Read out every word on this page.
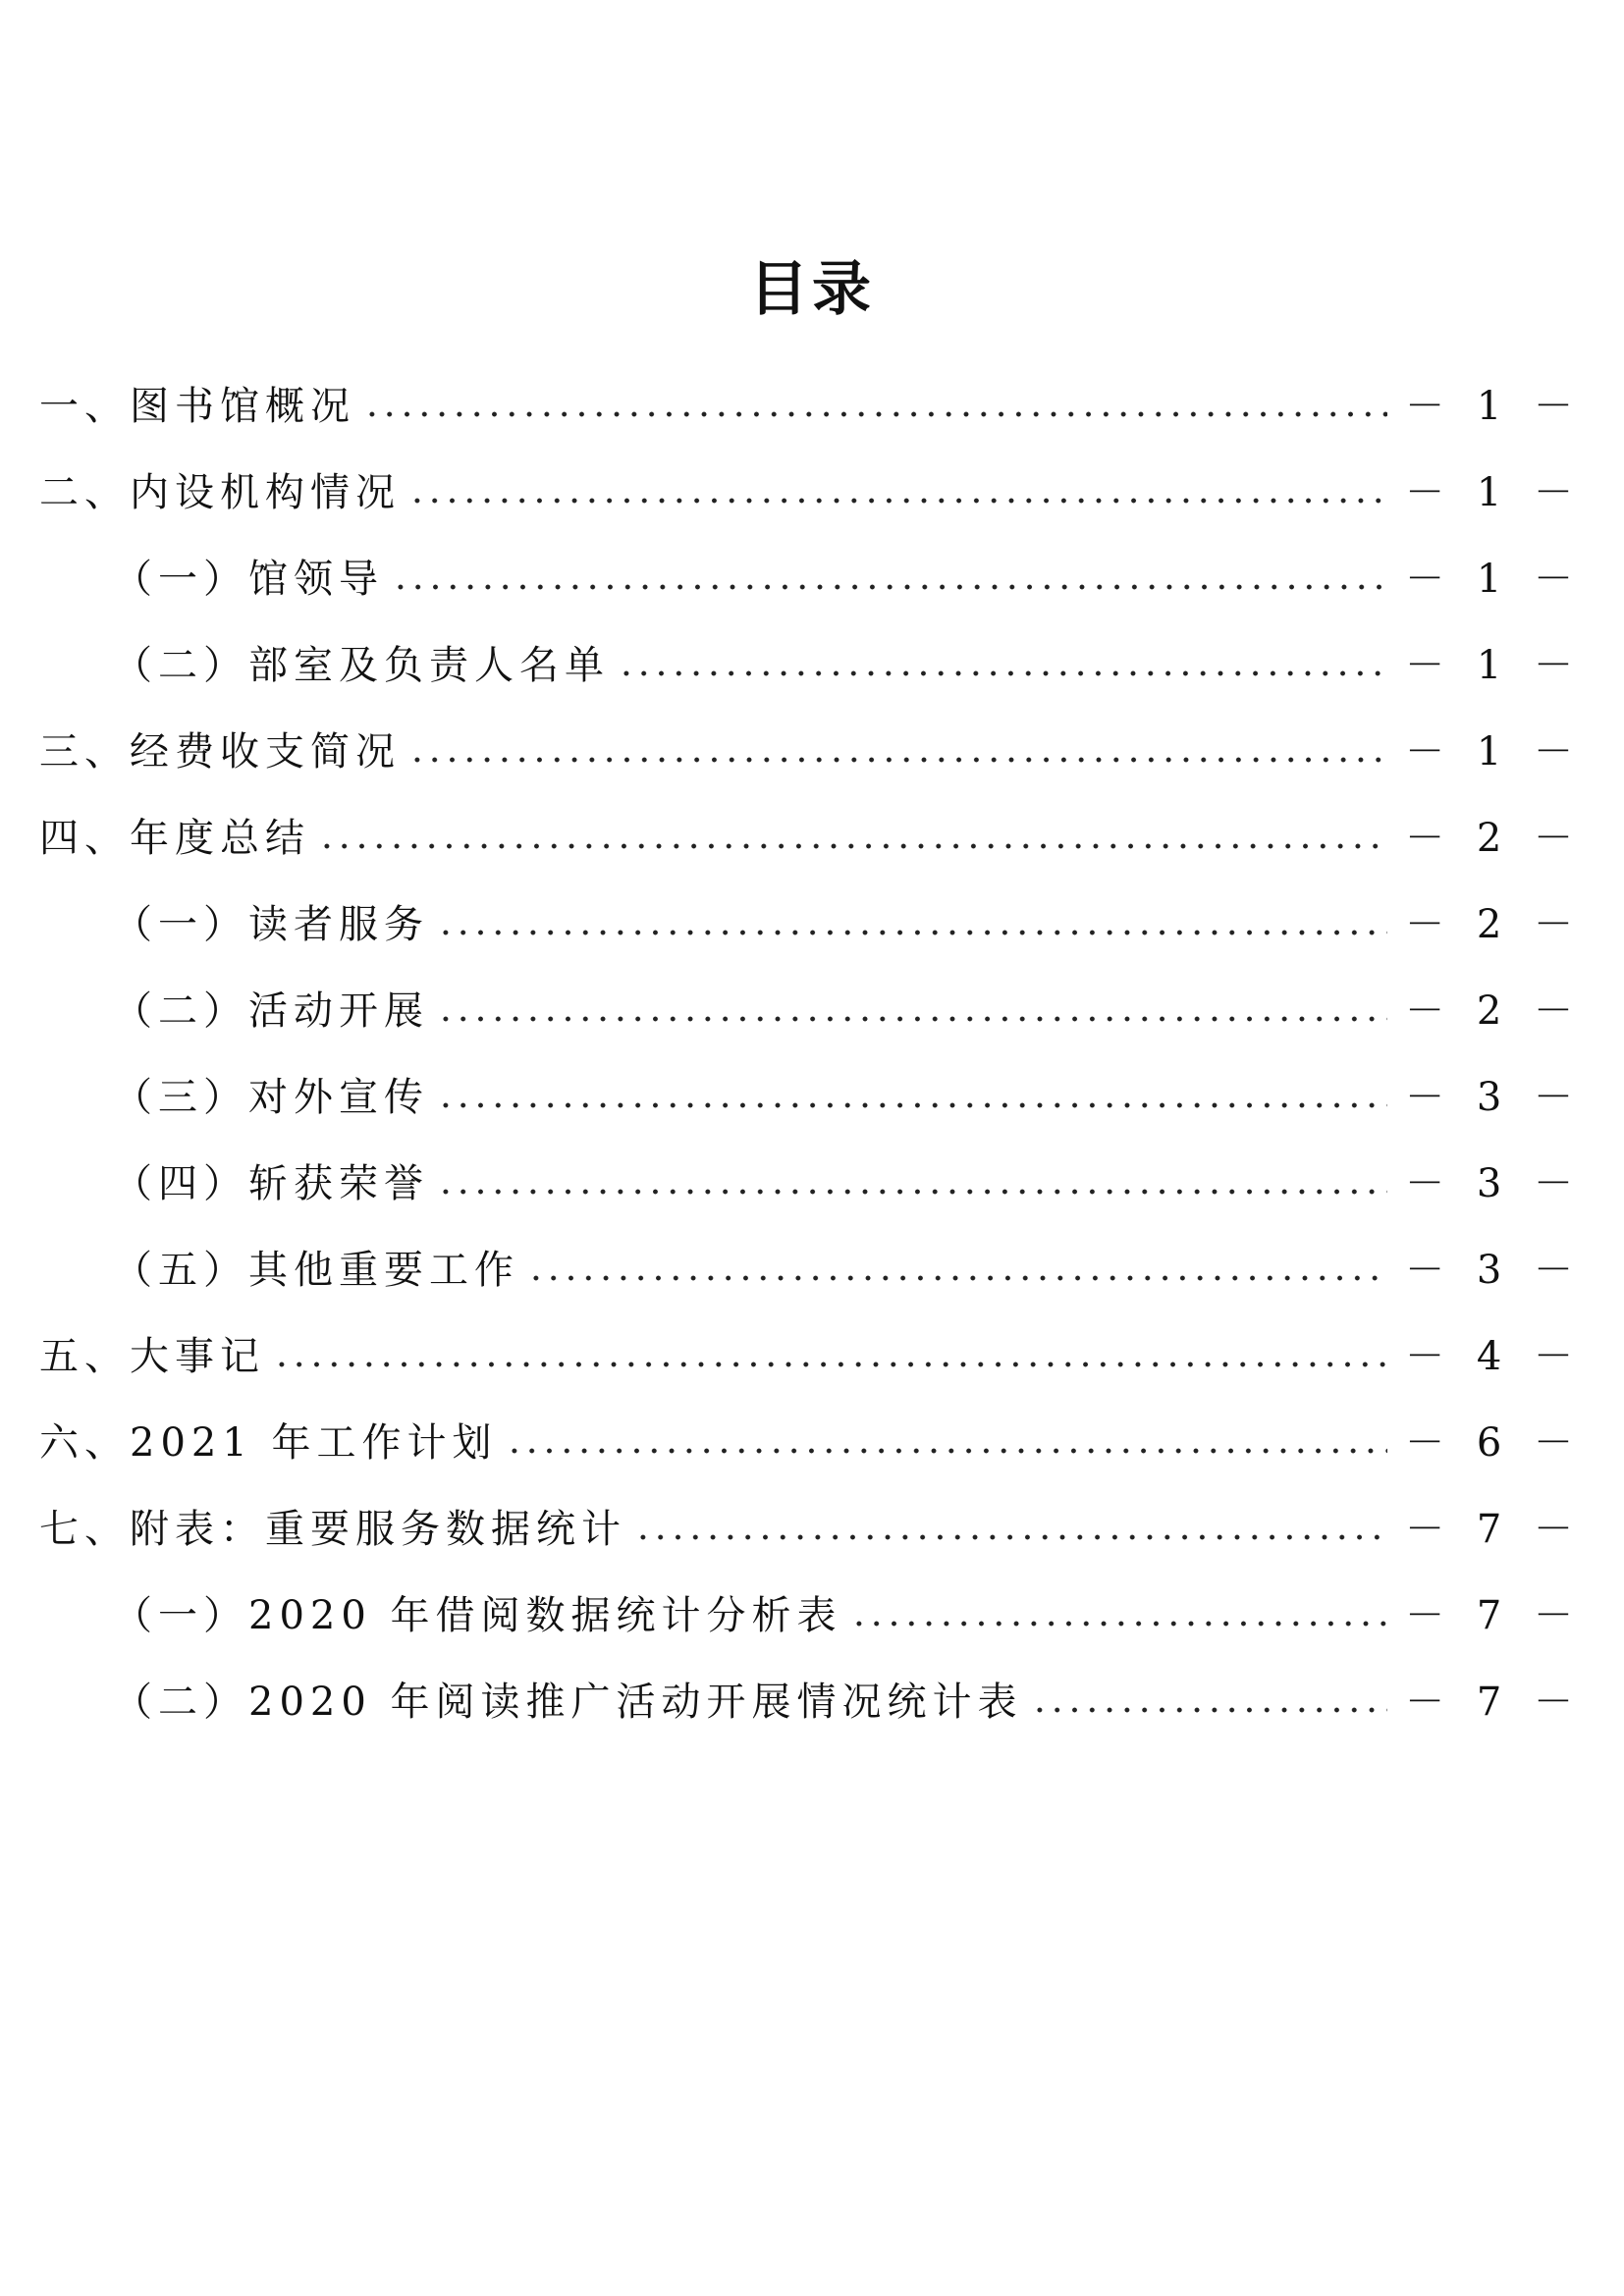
目录
一、图书馆概况	－ 1 －
二、内设机构情况	－ 1 －
（一）馆领导	－ 1 －
（二）部室及负责人名单	－ 1 －
三、经费收支简况	－ 1 －
四、年度总结	－ 2 －
（一）读者服务	－ 2 －
（二）活动开展	－ 2 －
（三）对外宣传	－ 3 －
（四）斩获荣誉	－ 3 －
（五）其他重要工作	－ 3 －
五、大事记	－ 4 －
六、2021 年工作计划	－ 6 －
七、附表：重要服务数据统计	－ 7 －
（一）2020 年借阅数据统计分析表	－ 7 －
（二）2020 年阅读推广活动开展情况统计表	－ 7 －
